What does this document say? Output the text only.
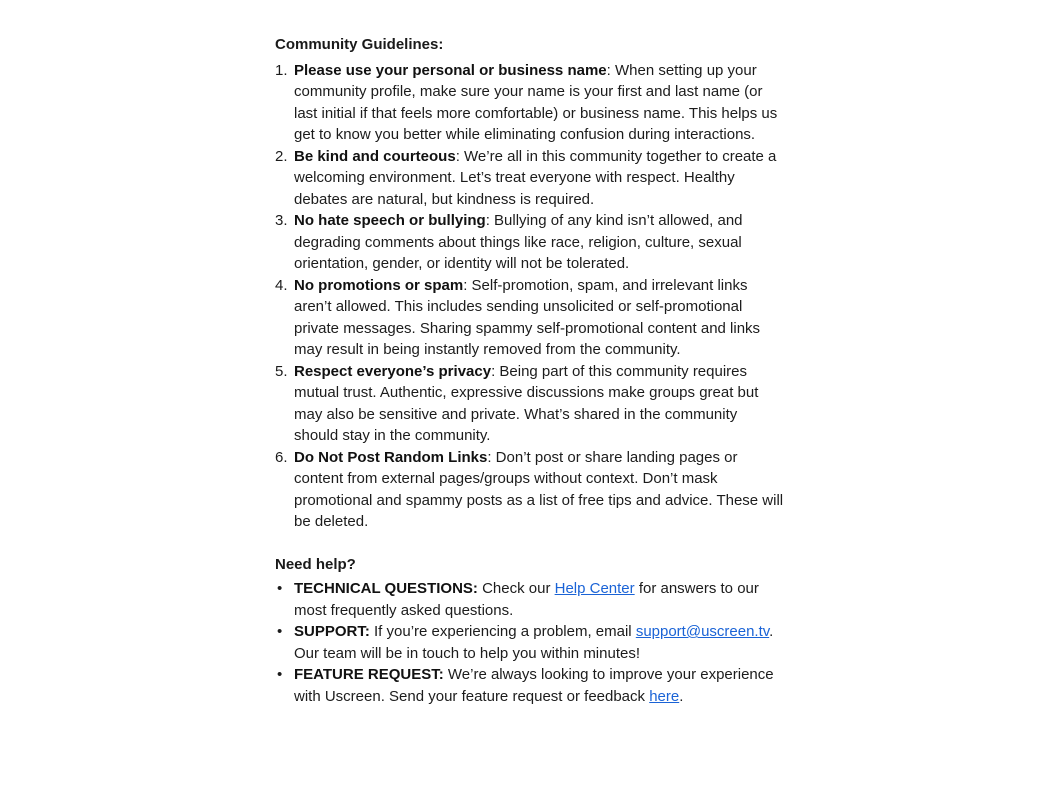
Community Guidelines:

1. Please use your personal or business name: When setting up your community profile, make sure your name is your first and last name (or last initial if that feels more comfortable) or business name. This helps us get to know you better while eliminating confusion during interactions.
2. Be kind and courteous: We’re all in this community together to create a welcoming environment. Let’s treat everyone with respect. Healthy debates are natural, but kindness is required.
3. No hate speech or bullying: Bullying of any kind isn’t allowed, and degrading comments about things like race, religion, culture, sexual orientation, gender, or identity will not be tolerated.
4. No promotions or spam: Self-promotion, spam, and irrelevant links aren’t allowed. This includes sending unsolicited or self-promotional private messages. Sharing spammy self-promotional content and links may result in being instantly removed from the community.
5. Respect everyone’s privacy: Being part of this community requires mutual trust. Authentic, expressive discussions make groups great but may also be sensitive and private. What’s shared in the community should stay in the community.
6. Do Not Post Random Links: Don’t post or share landing pages or content from external pages/groups without context. Don’t mask promotional and spammy posts as a list of free tips and advice. These will be deleted.

Need help?

• TECHNICAL QUESTIONS: Check our Help Center for answers to our most frequently asked questions.
• SUPPORT: If you’re experiencing a problem, email support@uscreen.tv. Our team will be in touch to help you within minutes!
• FEATURE REQUEST: We’re always looking to improve your experience with Uscreen. Send your feature request or feedback here.
